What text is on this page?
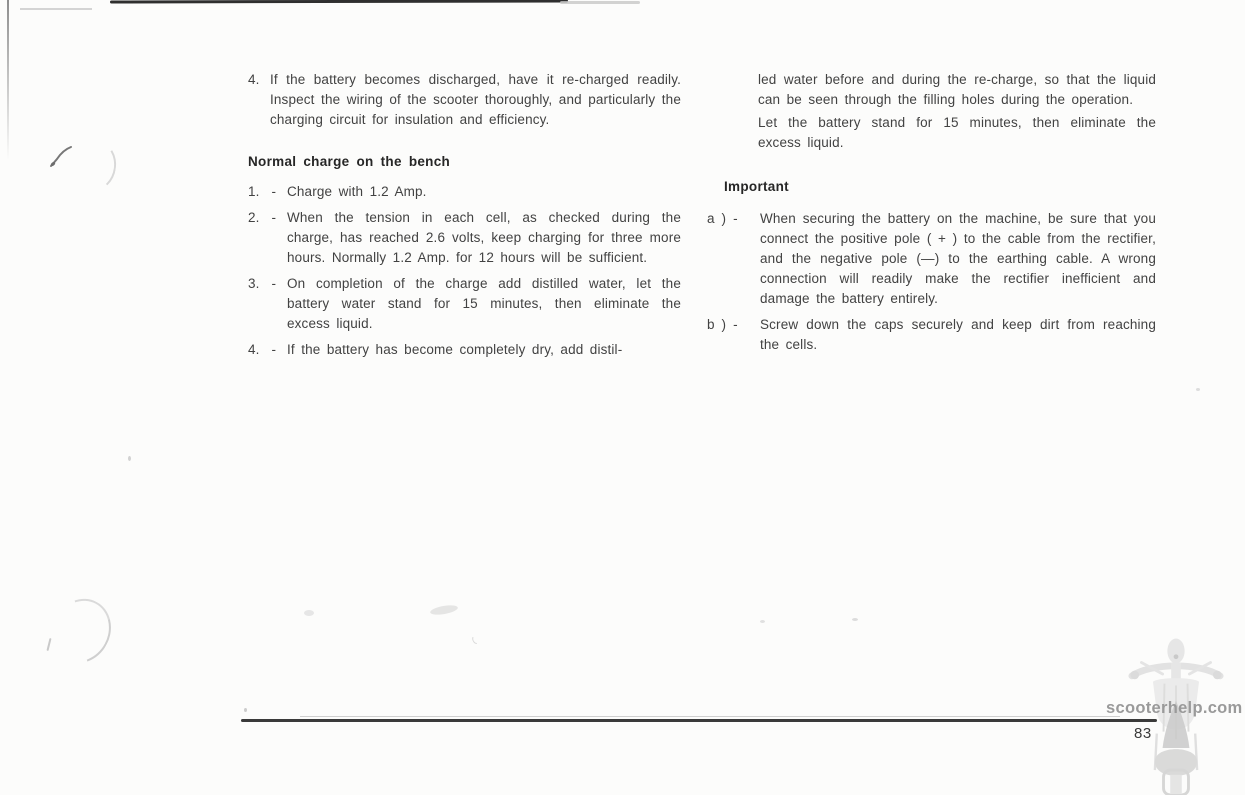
4. If the battery becomes discharged, have it re-charged readily. Inspect the wiring of the scooter thoroughly, and particularly the charging circuit for insulation and efficiency.
Normal charge on the bench
1. - Charge with 1.2 Amp.
2. - When the tension in each cell, as checked during the charge, has reached 2.6 volts, keep charging for three more hours. Normally 1.2 Amp. for 12 hours will be sufficient.
3. - On completion of the charge add distilled water, let the battery water stand for 15 minutes, then eliminate the excess liquid.
4. - If the battery has become completely dry, add distil-
led water before and during the re-charge, so that the liquid can be seen through the filling holes during the operation.
Let the battery stand for 15 minutes, then eliminate the excess liquid.
Important
a ) -	When securing the battery on the machine, be sure that you connect the positive pole ( + ) to the cable from the rectifier, and the negative pole (—) to the earthing cable. A wrong connection will readily make the rectifier inefficient and damage the battery entirely.
b ) -	Screw down the caps securely and keep dirt from reaching the cells.
scooterhelp.com
83
